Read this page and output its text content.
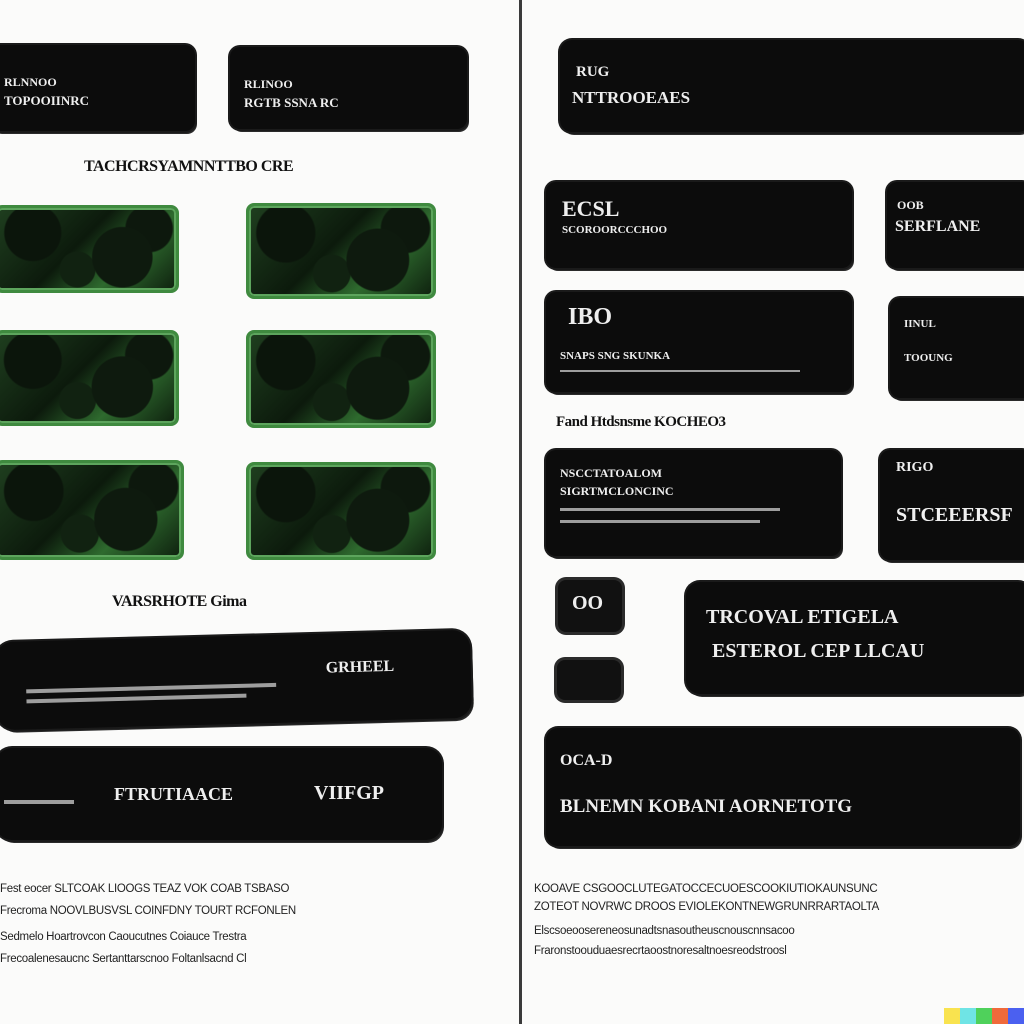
RLNNOO
TOPOOIINRC
RLINOO
RGTB SSNA RC
TACHCRSYAMNNTTBO CRE
VARSRHOTE Gima
GRHEEL
FTRUTIAACE	VIIFGP
Fest eocer SLTCOAK LIOOGS TEAZ VOK COAB TSBASO
Frecroma NOOVLBUSVSL COINFDNY TOURT RCFONLEN
Sedmelo Hoartrovcon Caoucutnes Coiauce Trestra
Frecoalenesaucnc Sertanttarscnoo Foltanlsacnd Cl
RUG
NTTROOEAES
ECSL
SCOROORCCCHOO
OOB
SERFLANE
IBO
SNAPS SNG SKUNKA
IINUL
TOOUNG
Fand Htdsnsme KOCHEO3
NSCCTATOALOM
SIGRTMCLONCINC
RIGO
STCEEERSF
OO
TRCOVAL ETIGELA
ESTEROL CEP LLCAU
OCA-D
BLNEMN KOBANI AORNETOTG
KOOAVE CSGOOCLUTEGATOCCECUOESCOOKIUTIOKAUNSUNC
ZOTEOT NOVRWC DROOS EVIOLEKONTNEWGRUNRRARTAOLTA
Elscsoeoosereneosunadtsnasoutheuscnouscnnsacoo
Fraronstoouduaesrecrtaoostnoresaltnoesreodstroosl
